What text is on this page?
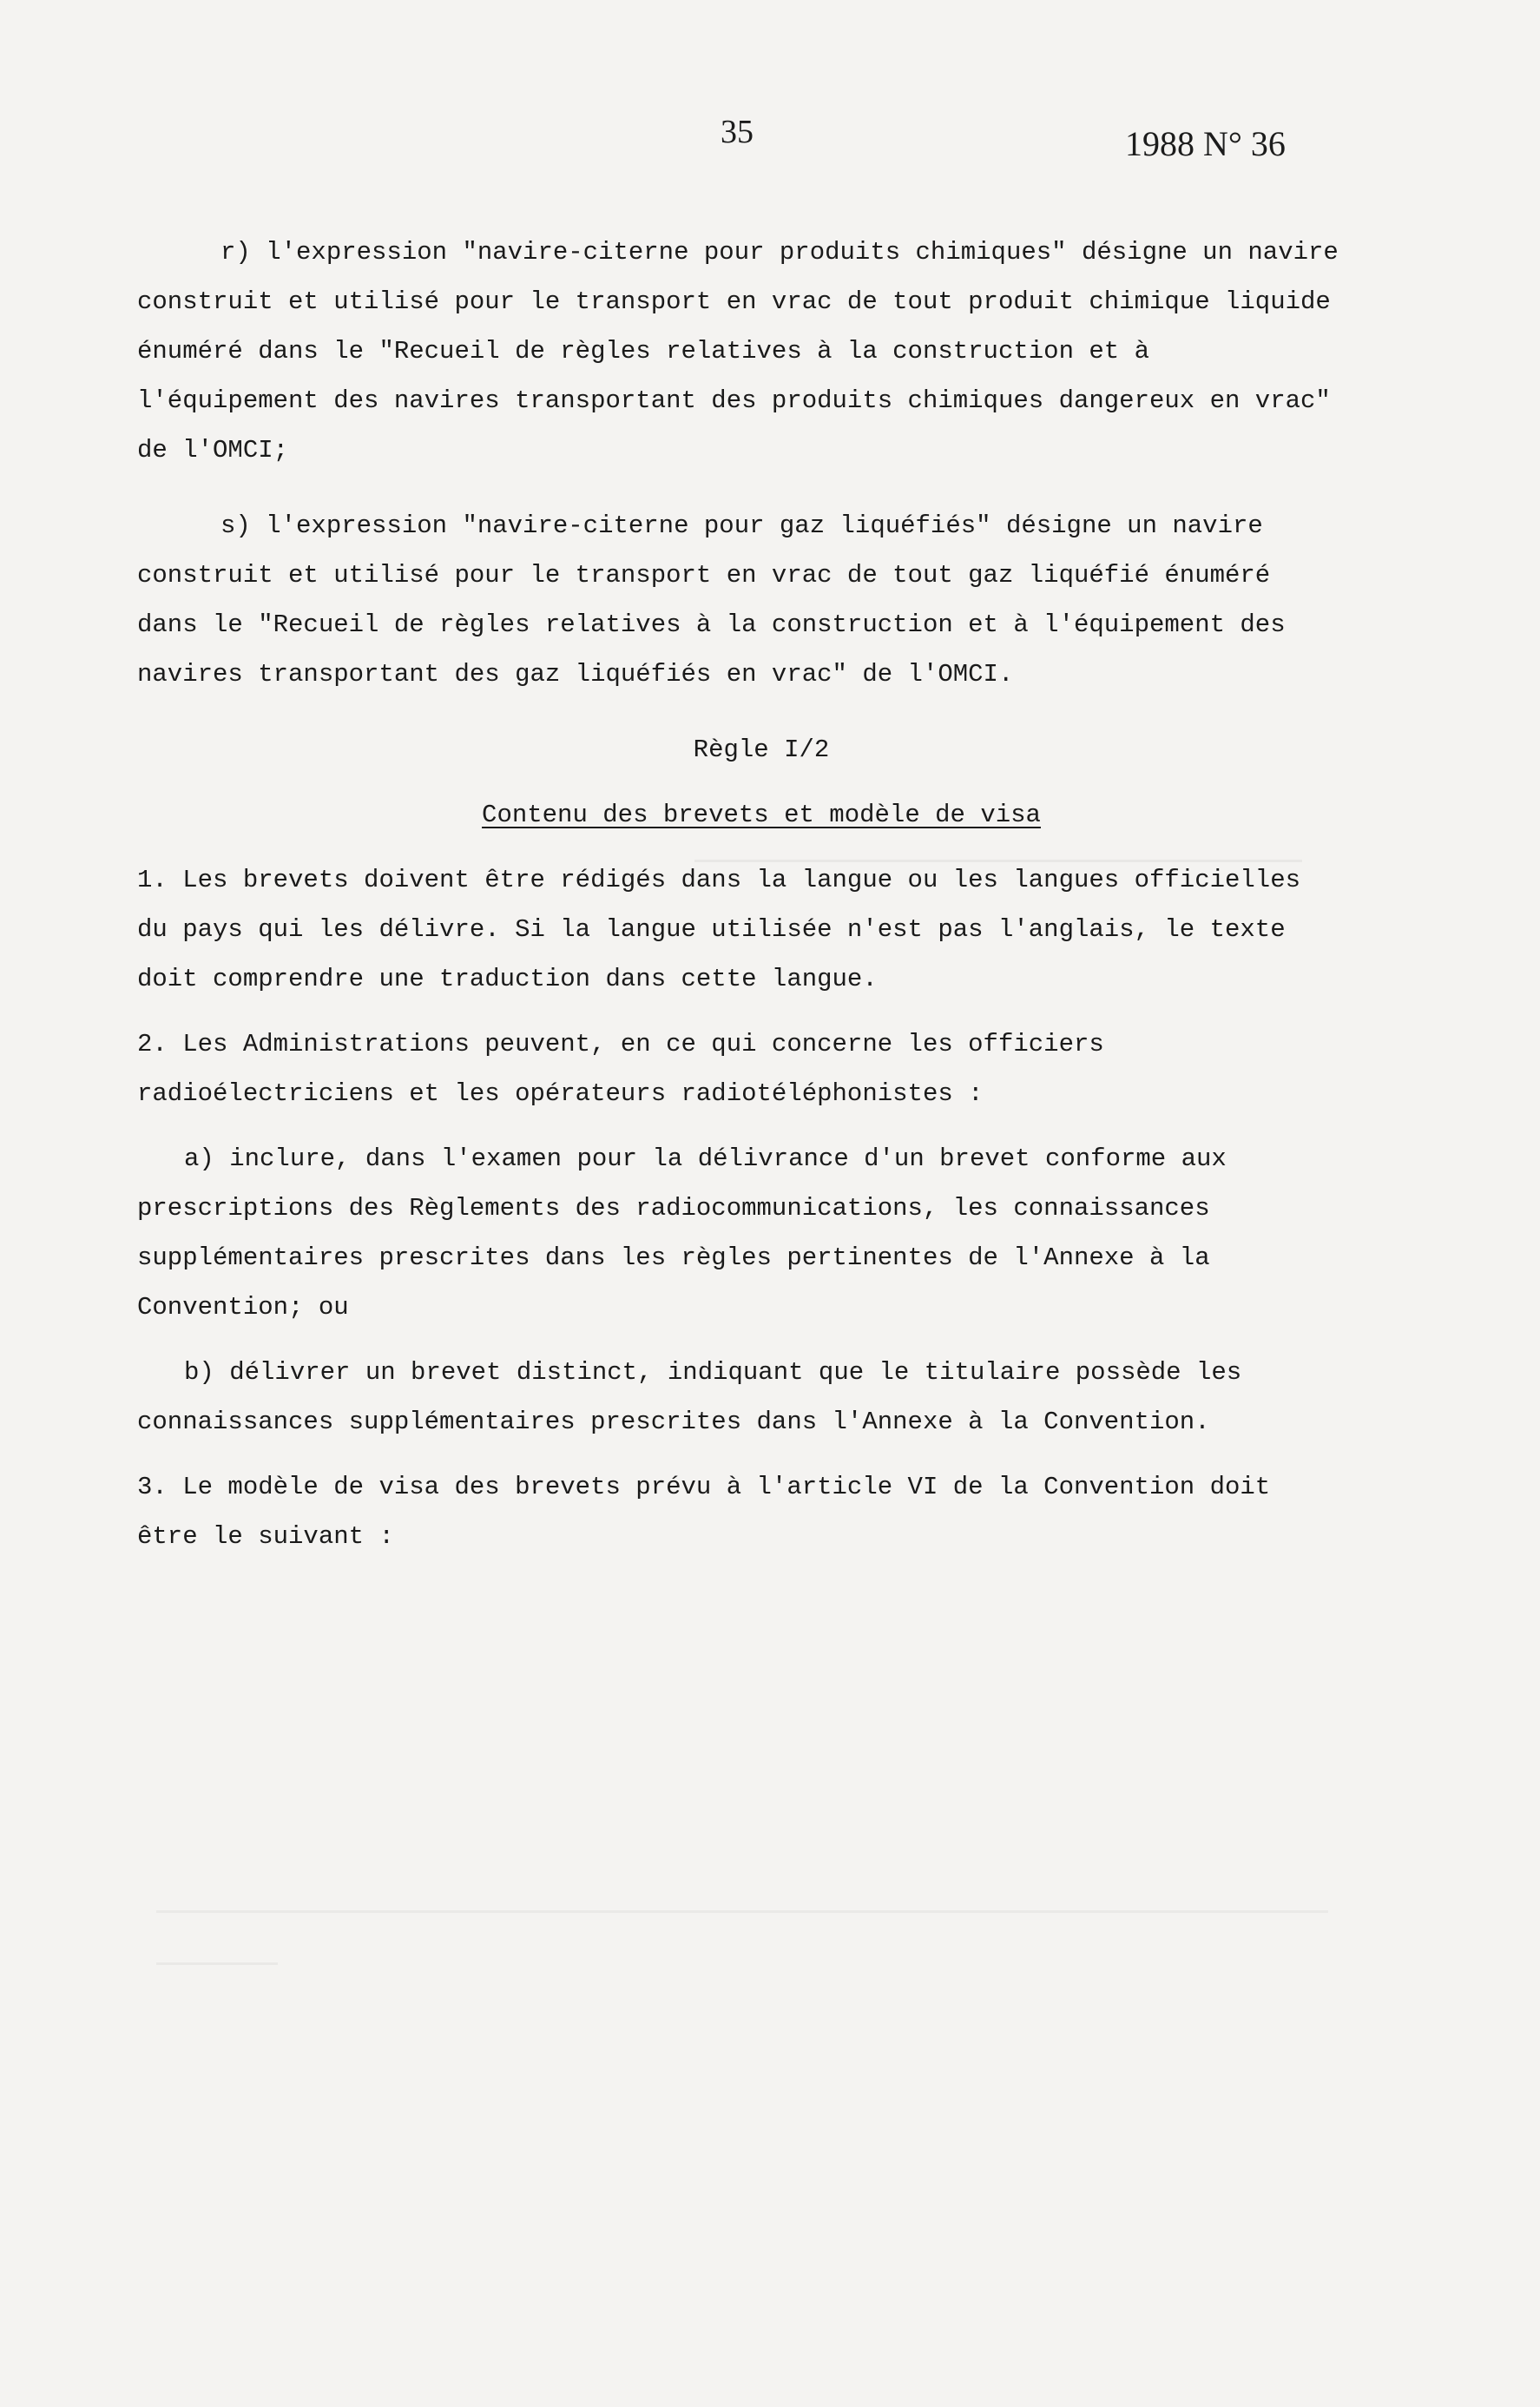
35	1988 N° 36

r) l'expression "navire-citerne pour produits chimiques" désigne un navire construit et utilisé pour le transport en vrac de tout produit chimique liquide énuméré dans le "Recueil de règles relatives à la construction et à l'équipement des navires transportant des produits chimiques dangereux en vrac" de l'OMCI;

s) l'expression "navire-citerne pour gaz liquéfiés" désigne un navire construit et utilisé pour le transport en vrac de tout gaz liquéfié énuméré dans le "Recueil de règles relatives à la construction et à l'équipement des navires transportant des gaz liquéfiés en vrac" de l'OMCI.

Règle I/2
Contenu des brevets et modèle de visa

1. Les brevets doivent être rédigés dans la langue ou les langues officielles du pays qui les délivre. Si la langue utilisée n'est pas l'anglais, le texte doit comprendre une traduction dans cette langue.

2. Les Administrations peuvent, en ce qui concerne les officiers radioélectriciens et les opérateurs radiotéléphonistes :

a) inclure, dans l'examen pour la délivrance d'un brevet conforme aux prescriptions des Règlements des radiocommunications, les connaissances supplémentaires prescrites dans les règles pertinentes de l'Annexe à la Convention; ou

b) délivrer un brevet distinct, indiquant que le titulaire possède les connaissances supplémentaires prescrites dans l'Annexe à la Convention.

3. Le modèle de visa des brevets prévu à l'article VI de la Convention doit être le suivant :
